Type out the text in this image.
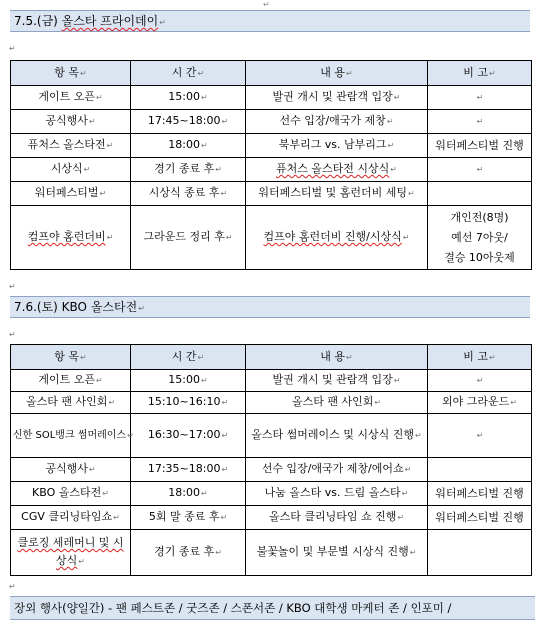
↵
7.5.(금) 올스타 프라이데이↵
↵
항 목↵	시 간↵	내 용↵	비 고↵
게이트 오픈↵	15:00↵	발권 개시 및 관람객 입장↵	↵
공식행사↵	17:45~18:00↵	선수 입장/애국가 제창↵	↵
퓨처스 올스타전↵	18:00↵	북부리그 vs. 남부리그↵	워터페스티벌 진행
시상식↵	경기 종료 후↵	퓨처스 올스타전 시상식↵	↵
워터페스티벌↵	시상식 종료 후↵	워터페스티벌 및 홈런더비 세팅↵	
컴프야 홈런더비↵	그라운드 정리 후↵	컴프야 홈런더비 진행/시상식↵	개인전(8명)
예선 7아웃/
결승 10아웃제
↵
7.6.(토) KBO 올스타전↵
↵
항 목↵	시 간↵	내 용↵	비 고↵
게이트 오픈↵	15:00↵	발권 개시 및 관람객 입장↵	↵
올스타 팬 사인회↵	15:10~16:10↵	올스타 팬 사인회↵	외야 그라운드↵
신한 SOL뱅크 썸머레이스↵	16:30~17:00↵	올스타 썸머레이스 및 시상식 진행↵	↵
공식행사↵	17:35~18:00↵	선수 입장/애국가 제창/에어쇼↵	
KBO 올스타전↵	18:00↵	나눔 올스타 vs. 드림 올스타↵	워터페스티벌 진행
CGV 클리닝타임쇼↵	5회 말 종료 후↵	올스타 클리닝타임 쇼 진행↵	워터페스티벌 진행
클로징 세레머니 및 시상식↵	경기 종료 후↵	불꽃놀이 및 부문별 시상식 진행↵	
↵
장외 행사(양일간) - 팬 페스트존 / 굿즈존 / 스폰서존 / KBO 대학생 마케터 존 / 인포미 /
